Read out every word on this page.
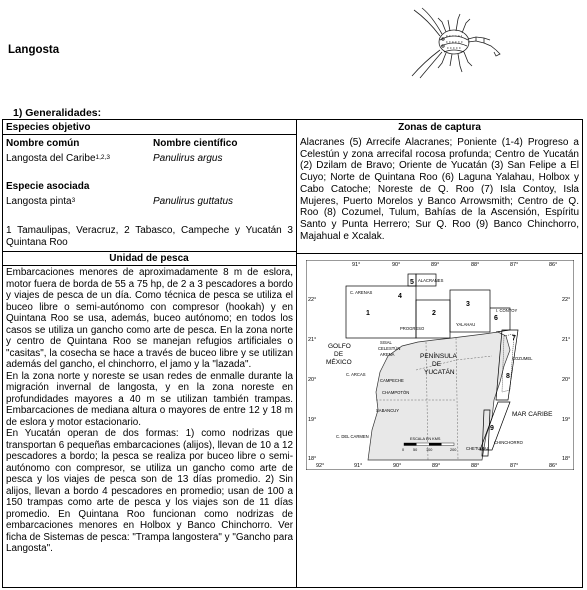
Langosta
1) Generalidades:
Especies objetivo
Nombre común	Nombre científico
Langosta del Caribe$^{1,2,3}$	Panulirus argus
Especie asociada
Langosta pinta$^3$	Panulirus guttatus
1 Tamaulipas, Veracruz, 2 Tabasco, Campeche y Yucatán 3 Quintana Roo
Unidad de pesca
Embarcaciones menores de aproximadamente 8 m de eslora, motor fuera de borda de 55 a 75 hp, de 2 a 3 pescadores a bordo y viajes de pesca de un día. Como técnica de pesca se utiliza el buceo libre o semi-autónomo con compresor (hookah) y en Quintana Roo se usa, además, buceo autónomo; en todos los casos se utiliza un gancho como arte de pesca. En la zona norte y centro de Quintana Roo se manejan refugios artificiales o "casitas", la cosecha se hace a través de buceo libre y se utilizan además del gancho, el chinchorro, el jamo y la "lazada".
En la zona norte y noreste se usan redes de enmalle durante la migración invernal de langosta, y en la zona noreste en profundidades mayores a 40 m se utilizan también trampas. Embarcaciones de mediana altura o mayores de entre 12 y 18 m de eslora y motor estacionario.
En Yucatán operan de dos formas: 1) como nodrizas que transportan 6 pequeñas embarcaciones (alijos), llevan de 10 a 12 pescadores a bordo; la pesca se realiza por buceo libre o semi-autónomo con compresor, se utiliza un gancho como arte de pesca y los viajes de pesca son de 13 días promedio. 2) Sin alijos, llevan a bordo 4 pescadores en promedio; usan de 100 a 150 trampas como arte de pesca y los viajes son de 11 días promedio. En Quintana Roo funcionan como nodrizas de embarcaciones menores en Holbox y Banco Chinchorro. Ver ficha de Sistemas de pesca: "Trampa langostera" y "Gancho para Langosta".
Zonas de captura
Alacranes (5) Arrecife Alacranes; Poniente (1-4) Progreso a Celestún y zona arrecifal rocosa profunda; Centro de Yucatán (2) Dzilam de Bravo; Oriente de Yucatán (3) San Felipe a El Cuyo; Norte de Quintana Roo (6) Laguna Yalahau, Holbox y Cabo Catoche; Noreste de Q. Roo (7) Isla Contoy, Isla Mujeres, Puerto Morelos y Banco Arrowsmith; Centro de Q. Roo (8) Cozumel, Tulum, Bahías de la Ascensión, Espíritu Santo y Punta Herrero; Sur Q. Roo (9) Banco Chinchorro, Majahual e Xcalak.
91°	90°	89°	88°	87°	86°
92°	91°	90°	89°	88°	87°	86°
22°
21°
20°
19°
18°
22°
21°
20°
19°
18°
5
4
3
2
1
6
7
8
9
ALACRANES
C. ARENAS
PROGRESO
YALAHAU
I. CONTOY
SISAL
CELESTÚN
ARENA
CAMPECHE
C. ARCAS
CHAMPOTÓN
SABANCUY
C. DEL CARMEN
CHETUMAL
CHINCHORRO
COZUMEL
GOLFO
DE
MÉXICO
PENÍNSULA
DE
YUCATÁN
MAR CARIBE
ESCALA EN KMS
0 50 100	200
